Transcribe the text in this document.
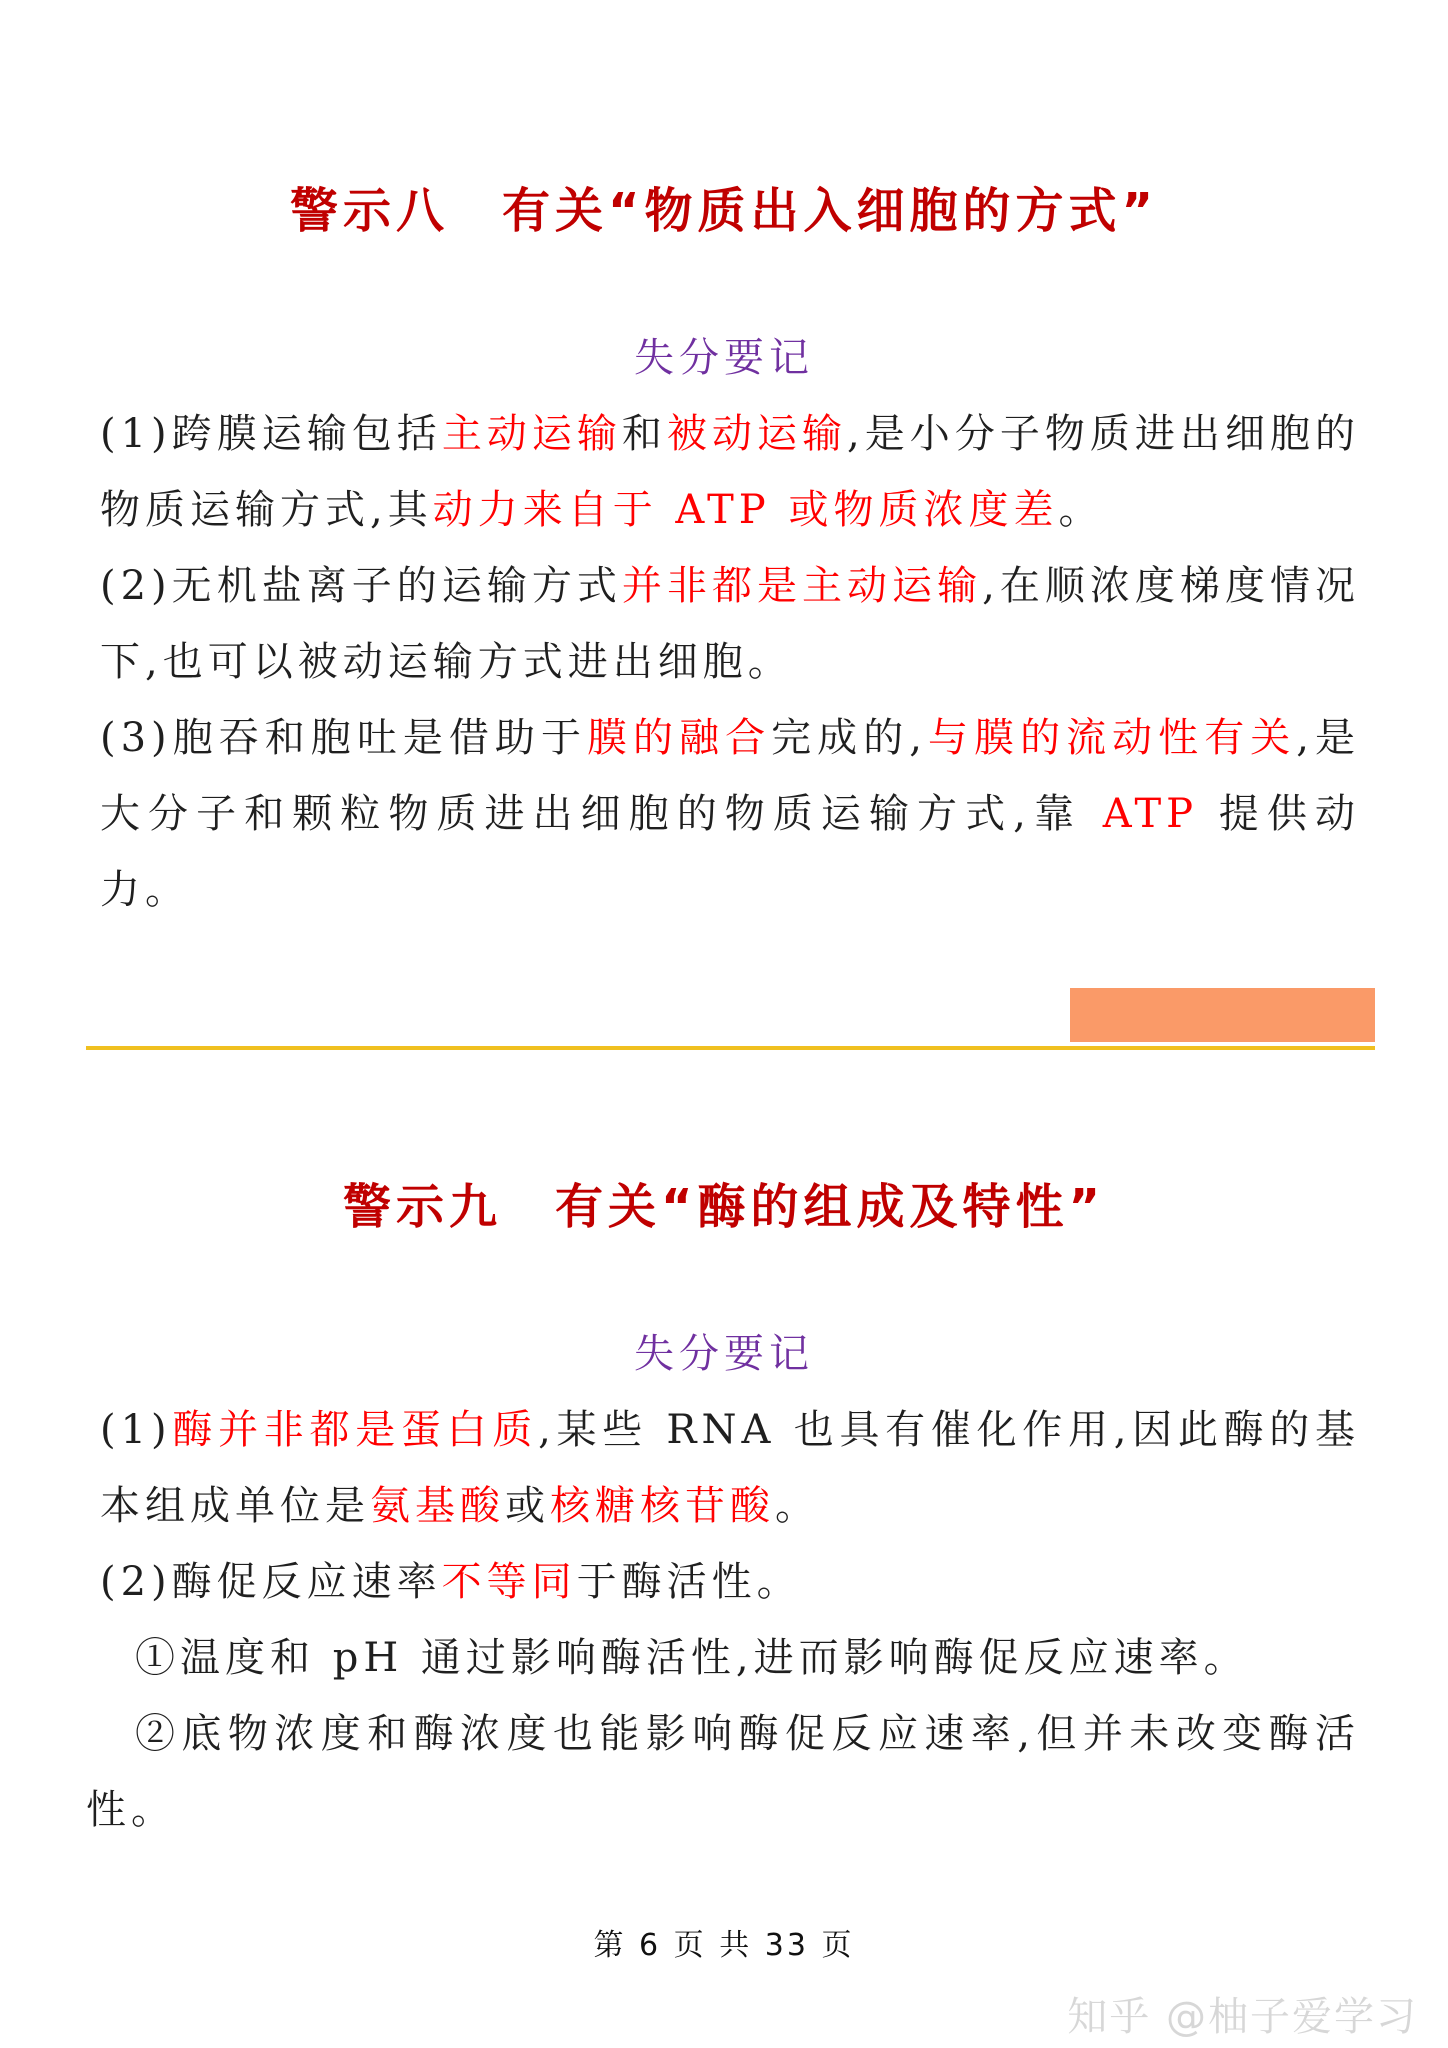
警示八　有关“物质出入细胞的方式”
失分要记
(1)跨膜运输包括主动运输和被动运输,是小分子物质进出细胞的物质运输方式,其动力来自于 ATP 或物质浓度差。
(2)无机盐离子的运输方式并非都是主动运输,在顺浓度梯度情况下,也可以被动运输方式进出细胞。
(3)胞吞和胞吐是借助于膜的融合完成的,与膜的流动性有关,是大分子和颗粒物质进出细胞的物质运输方式,靠 ATP 提供动力。
警示九　有关“酶的组成及特性”
失分要记
(1)酶并非都是蛋白质,某些 RNA 也具有催化作用,因此酶的基本组成单位是氨基酸或核糖核苷酸。
(2)酶促反应速率不等同于酶活性。
①温度和 pH 通过影响酶活性,进而影响酶促反应速率。
②底物浓度和酶浓度也能影响酶促反应速率,但并未改变酶活性。
第 6 页 共 33 页
知乎 @柚子爱学习
